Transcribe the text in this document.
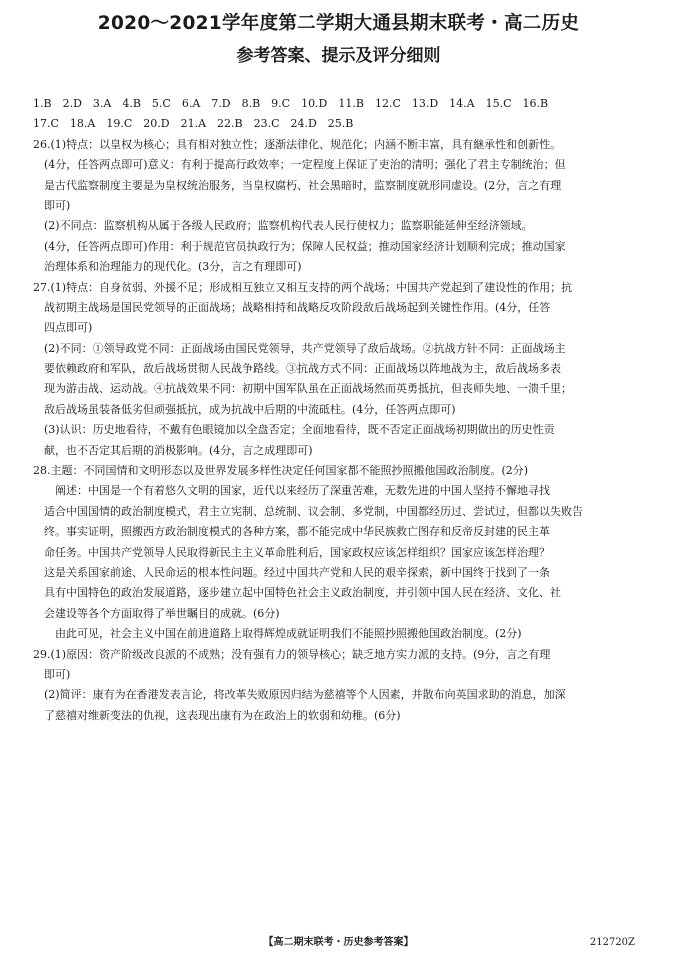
2020～2021学年度第二学期大通县期末联考・高二历史
参考答案、提示及评分细则
1.B　2.D　3.A　4.B　5.C　6.A　7.D　8.B　9.C　10.D　11.B　12.C　13.D　14.A　15.C　16.B
17.C　18.A　19.C　20.D　21.A　22.B　23.C　24.D　25.B
26.(1)特点：以皇权为核心；具有相对独立性；逐渐法律化、规范化；内涵不断丰富，具有継承性和创新性。
　(4分，任答两点即可)意义：有利于提高行政效率；一定程度上保证了吏治的清明；强化了君主专制统治；但
　是古代监察制度主要是为皇权统治服务，当皇权腐朽、社会黑暗时，监察制度就形同虚设。(2分，言之有理
　即可)
　(2)不同点：监察机构从属于各级人民政府；监察机构代表人民行使权力；监察职能延伸至经济领域。
　(4分，任答两点即可)作用：利于规范官员执政行为；保障人民权益；推动国家经济计划顺利完成；推动国家
　治理体系和治理能力的现代化。(3分，言之有理即可)
27.(1)特点：自身贫弱、外援不足；形成相互独立又相互支持的两个战场；中国共产党起到了建设性的作用；抗
　战初期主战场是国民党领导的正面战场；战略相持和战略反攻阶段敌后战场起到关键性作用。(4分，任答
　四点即可)
　(2)不同：①领导政党不同：正面战场由国民党领导，共产党领导了敌后战场。②抗战方针不同：正面战场主
　要依赖政府和军队，敌后战场贯彻人民战争路线。③抗战方式不同：正面战场以阵地战为主，敌后战场多表
　现为游击战、运动战。④抗战效果不同：初期中国军队虽在正面战场然而英勇抵抗，但丧师失地、一溃千里；
　敌后战场虽装备低劣但顽强抵抗，成为抗战中后期的中流砥柱。(4分，任答两点即可)
　(3)认识：历史地看待，不戴有色眼镜加以全盘否定；全面地看待，既不否定正面战场初期做出的历史性贡
　献，也不否定其后期的消极影响。(4分，言之成理即可)
28.主题：不同国情和文明形态以及世界发展多样性决定任何国家都不能照抄照搬他国政治制度。(2分)
　　阐述：中国是一个有着悠久文明的国家，近代以来经历了深重苦难，无数先进的中国人坚持不懈地寻找
　适合中国国情的政治制度模式，君主立宪制、总统制、议会制、多党制，中国都经历过、尝试过，但都以失败告
　终。事实证明，照搬西方政治制度模式的各种方案，都不能完成中华民族救亡图存和反帝反封建的民主革
　命任务。中国共产党领导人民取得新民主主义革命胜利后，国家政权应该怎样组织？国家应该怎样治理？
　这是关系国家前途、人民命运的根本性问题。经过中国共产党和人民的艰辛探索，新中国终于找到了一条
　具有中国特色的政治发展道路，逐步建立起中国特色社会主义政治制度，并引领中国人民在经济、文化、社
　会建设等各个方面取得了举世瞩目的成就。(6分)
　　由此可见，社会主义中国在前进道路上取得辉煌成就证明我们不能照抄照搬他国政治制度。(2分)
29.(1)原因：资产阶级改良派的不成熟；没有强有力的领导核心；缺乏地方实力派的支持。(9分，言之有理
　即可)
　(2)简评：康有为在香港发表言论，将改革失败原因归结为慈禧等个人因素，并散布向英国求助的消息，加深
　了慈禧对维新变法的仇视，这表现出康有为在政治上的软弱和幼稚。(6分)
【高二期末联考・历史参考答案】	212720Z
